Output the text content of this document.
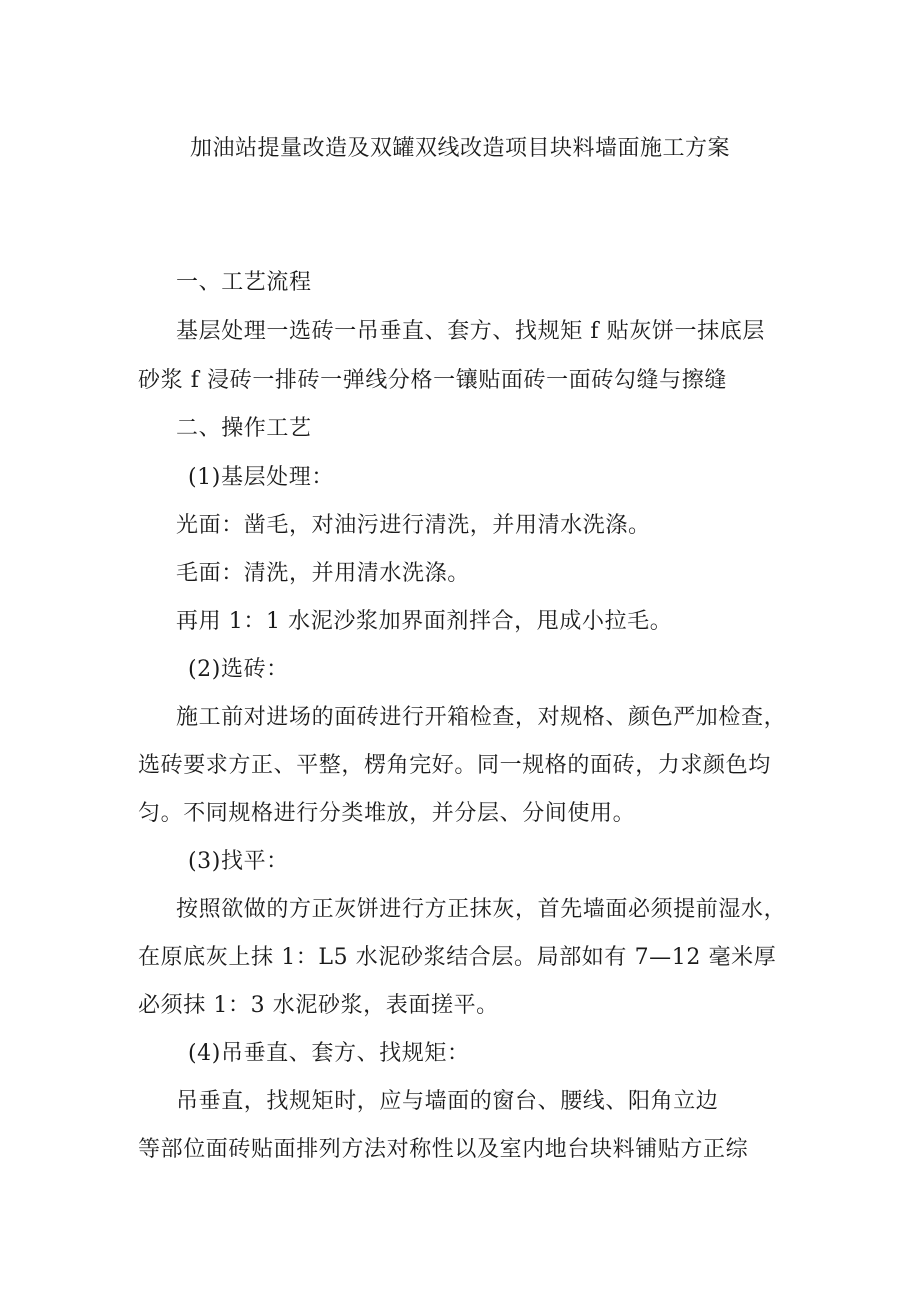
加油站提量改造及双罐双线改造项目块料墙面施工方案
一、工艺流程
基层处理一选砖一吊垂直、套方、找规矩 f 贴灰饼一抹底层
砂浆 f 浸砖一排砖一弹线分格一镶贴面砖一面砖勾缝与擦缝
二、操作工艺
(1)基层处理：
光面：凿毛，对油污进行清洗，并用清水洗涤。
毛面：清洗，并用清水洗涤。
再用 1：1 水泥沙浆加界面剂拌合，甩成小拉毛。
(2)选砖：
施工前对进场的面砖进行开箱检查，对规格、颜色严加检查，
选砖要求方正、平整，楞角完好。同一规格的面砖，力求颜色均
匀。不同规格进行分类堆放，并分层、分间使用。
(3)找平：
按照欲做的方正灰饼进行方正抹灰，首先墙面必须提前湿水，
在原底灰上抹 1：L5 水泥砂浆结合层。局部如有 7—12 毫米厚
必须抹 1：3 水泥砂浆，表面搓平。
(4)吊垂直、套方、找规矩：
吊垂直，找规矩时，应与墙面的窗台、腰线、阳角立边
等部位面砖贴面排列方法对称性以及室内地台块料铺贴方正综
